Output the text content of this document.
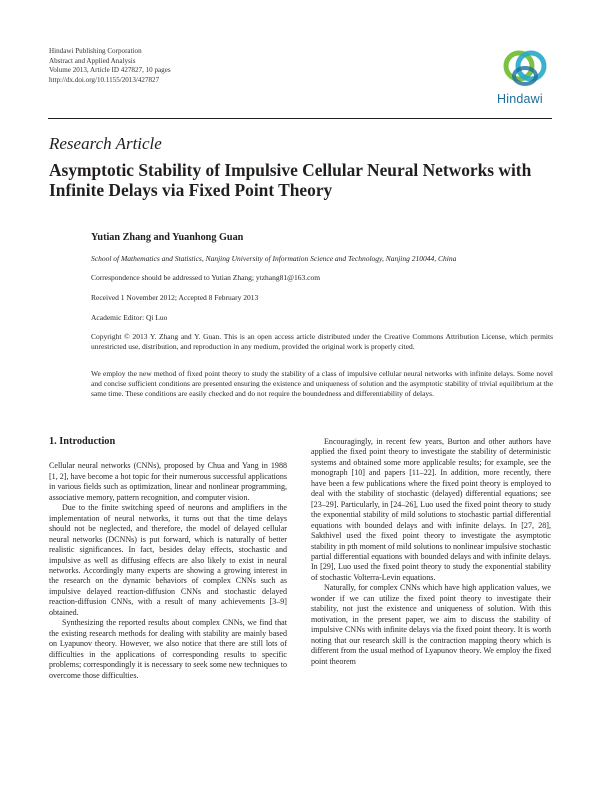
Hindawi Publishing Corporation
Abstract and Applied Analysis
Volume 2013, Article ID 427827, 10 pages
http://dx.doi.org/10.1155/2013/427827
Hindawi
Research Article
Asymptotic Stability of Impulsive Cellular Neural Networks with
Infinite Delays via Fixed Point Theory
Yutian Zhang and Yuanhong Guan
School of Mathematics and Statistics, Nanjing University of Information Science and Technology, Nanjing 210044, China
Correspondence should be addressed to Yutian Zhang; ytzhang81@163.com
Received 1 November 2012; Accepted 8 February 2013
Academic Editor: Qi Luo
Copyright © 2013 Y. Zhang and Y. Guan. This is an open access article distributed under the Creative Commons Attribution License, which permits unrestricted use, distribution, and reproduction in any medium, provided the original work is properly cited.
We employ the new method of fixed point theory to study the stability of a class of impulsive cellular neural networks with infinite delays. Some novel and concise sufficient conditions are presented ensuring the existence and uniqueness of solution and the asymptotic stability of trivial equilibrium at the same time. These conditions are easily checked and do not require the boundedness and differentiability of delays.
1. Introduction

Cellular neural networks (CNNs), proposed by Chua and Yang in 1988 [1, 2], have become a hot topic for their numerous successful applications in various fields such as optimization, linear and nonlinear programming, associative memory, pattern recognition, and computer vision.

Due to the finite switching speed of neurons and amplifiers in the implementation of neural networks, it turns out that the time delays should not be neglected, and therefore, the model of delayed cellular neural networks (DCNNs) is put forward, which is naturally of better realistic significances. In fact, besides delay effects, stochastic and impulsive as well as diffusing effects are also likely to exist in neural networks. Accordingly many experts are showing a growing interest in the research on the dynamic behaviors of complex CNNs such as impulsive delayed reaction-diffusion CNNs and stochastic delayed reaction-diffusion CNNs, with a result of many achievements [3–9] obtained.

Synthesizing the reported results about complex CNNs, we find that the existing research methods for dealing with stability are mainly based on Lyapunov theory. However, we also notice that there are still lots of difficulties in the applications of corresponding results to specific problems; correspondingly it is necessary to seek some new techniques to overcome those difficulties.

Encouragingly, in recent few years, Burton and other authors have applied the fixed point theory to investigate the stability of deterministic systems and obtained some more applicable results; for example, see the monograph [10] and papers [11–22]. In addition, more recently, there have been a few publications where the fixed point theory is employed to deal with the stability of stochastic (delayed) differential equations; see [23–29]. Particularly, in [24–26], Luo used the fixed point theory to study the exponential stability of mild solutions to stochastic partial differential equations with bounded delays and with infinite delays. In [27, 28], Sakthivel used the fixed point theory to investigate the asymptotic stability in pth moment of mild solutions to nonlinear impulsive stochastic partial differential equations with bounded delays and with infinite delays. In [29], Luo used the fixed point theory to study the exponential stability of stochastic Volterra-Levin equations.

Naturally, for complex CNNs which have high application values, we wonder if we can utilize the fixed point theory to investigate their stability, not just the existence and uniqueness of solution. With this motivation, in the present paper, we aim to discuss the stability of impulsive CNNs with infinite delays via the fixed point theory. It is worth noting that our research skill is the contraction mapping theory which is different from the usual method of Lyapunov theory. We employ the fixed point theorem
